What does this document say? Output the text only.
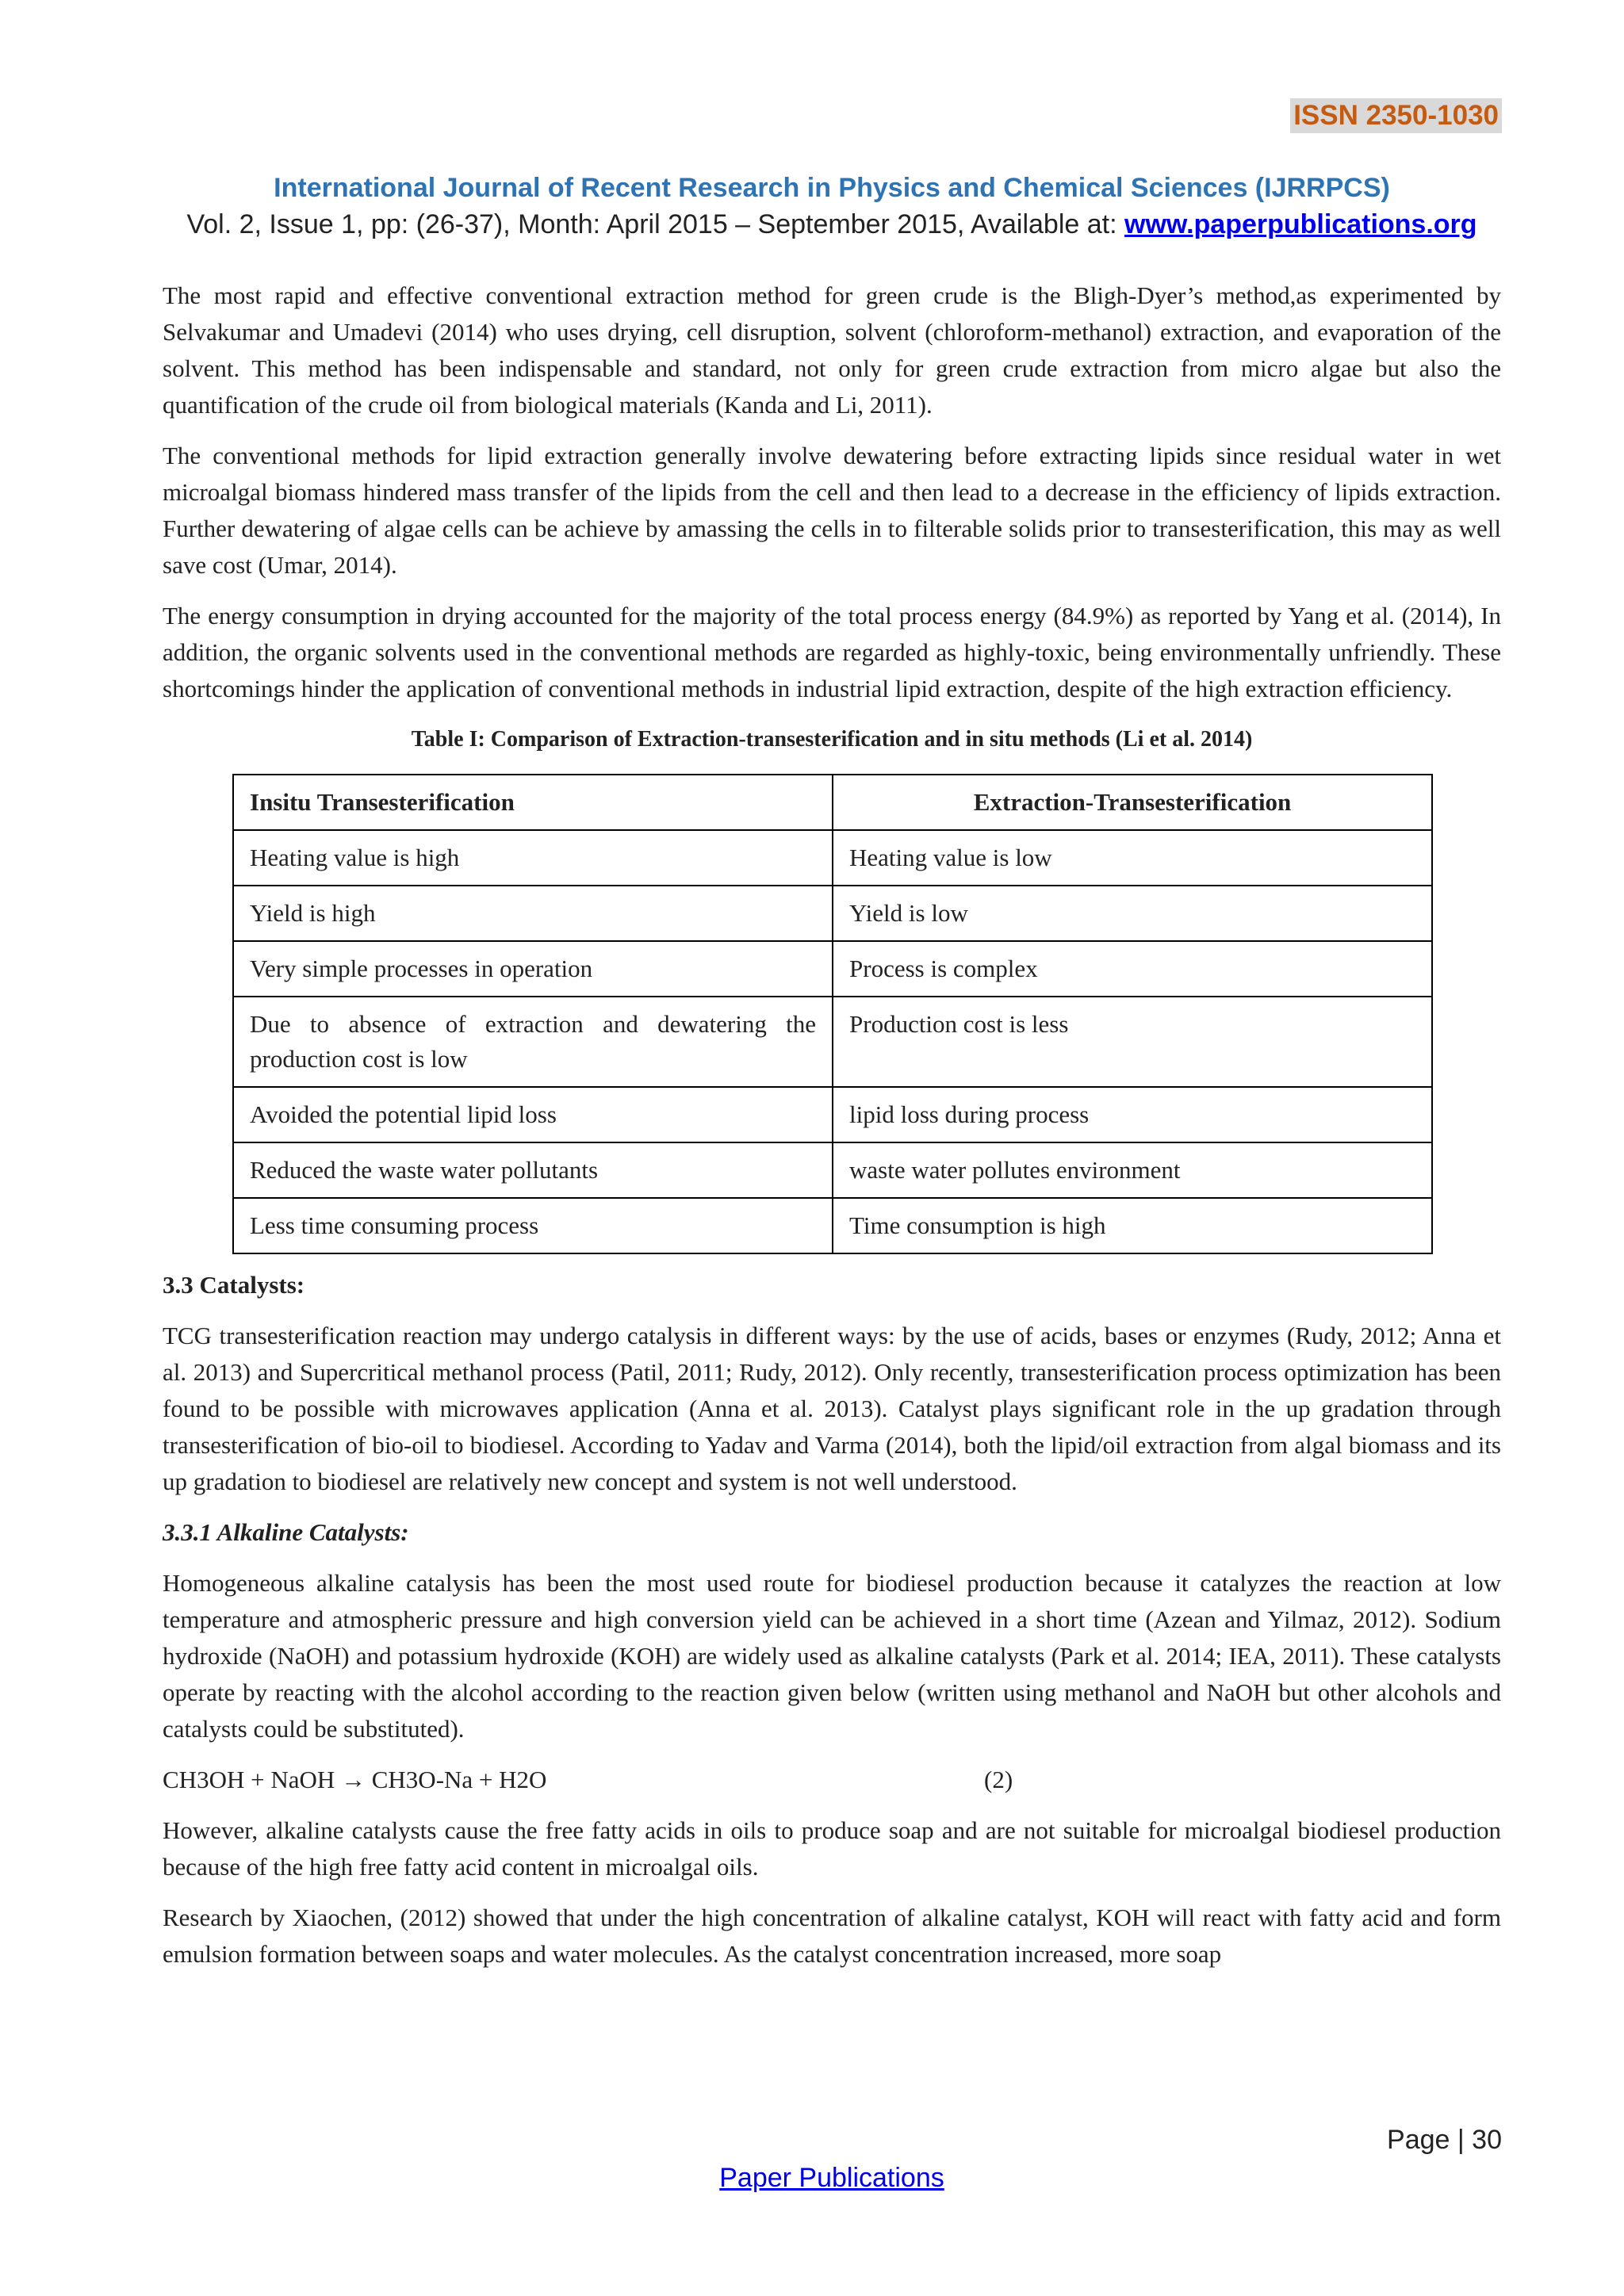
ISSN 2350-1030
International Journal of Recent Research in Physics and Chemical Sciences (IJRRPCS)
Vol. 2, Issue 1, pp: (26-37), Month: April 2015 – September 2015, Available at: www.paperpublications.org

The most rapid and effective conventional extraction method for green crude is the Bligh-Dyer’s method,as experimented by Selvakumar and Umadevi (2014) who uses drying, cell disruption, solvent (chloroform-methanol) extraction, and evaporation of the solvent. This method has been indispensable and standard, not only for green crude extraction from micro algae but also the quantification of the crude oil from biological materials (Kanda and Li, 2011).

The conventional methods for lipid extraction generally involve dewatering before extracting lipids since residual water in wet microalgal biomass hindered mass transfer of the lipids from the cell and then lead to a decrease in the efficiency of lipids extraction. Further dewatering of algae cells can be achieve by amassing the cells in to filterable solids prior to transesterification, this may as well save cost (Umar, 2014).

The energy consumption in drying accounted for the majority of the total process energy (84.9%) as reported by Yang et al. (2014), In addition, the organic solvents used in the conventional methods are regarded as highly-toxic, being environmentally unfriendly. These shortcomings hinder the application of conventional methods in industrial lipid extraction, despite of the high extraction efficiency.

Table I: Comparison of Extraction-transesterification and in situ methods (Li et al. 2014)
Insitu Transesterification	Extraction-Transesterification
Heating value is high	Heating value is low
Yield is high	Yield is low
Very simple processes in operation	Process is complex
Due to absence of extraction and dewatering the production cost is low	Production cost is less
Avoided the potential lipid loss	lipid loss during process
Reduced the waste water pollutants	waste water pollutes environment
Less time consuming process	Time consumption is high
3.3 Catalysts:

TCG transesterification reaction may undergo catalysis in different ways: by the use of acids, bases or enzymes (Rudy, 2012; Anna et al. 2013) and Supercritical methanol process (Patil, 2011; Rudy, 2012). Only recently, transesterification process optimization has been found to be possible with microwaves application (Anna et al. 2013). Catalyst plays significant role in the up gradation through transesterification of bio-oil to biodiesel. According to Yadav and Varma (2014), both the lipid/oil extraction from algal biomass and its up gradation to biodiesel are relatively new concept and system is not well understood.

3.3.1 Alkaline Catalysts:

Homogeneous alkaline catalysis has been the most used route for biodiesel production because it catalyzes the reaction at low temperature and atmospheric pressure and high conversion yield can be achieved in a short time (Azean and Yilmaz, 2012). Sodium hydroxide (NaOH) and potassium hydroxide (KOH) are widely used as alkaline catalysts (Park et al. 2014; IEA, 2011). These catalysts operate by reacting with the alcohol according to the reaction given below (written using methanol and NaOH but other alcohols and catalysts could be substituted).

CH3OH + NaOH → CH3O-Na + H2O	(2)

However, alkaline catalysts cause the free fatty acids in oils to produce soap and are not suitable for microalgal biodiesel production because of the high free fatty acid content in microalgal oils.

Research by Xiaochen, (2012) showed that under the high concentration of alkaline catalyst, KOH will react with fatty acid and form emulsion formation between soaps and water molecules. As the catalyst concentration increased, more soap

Page | 30
Paper Publications
